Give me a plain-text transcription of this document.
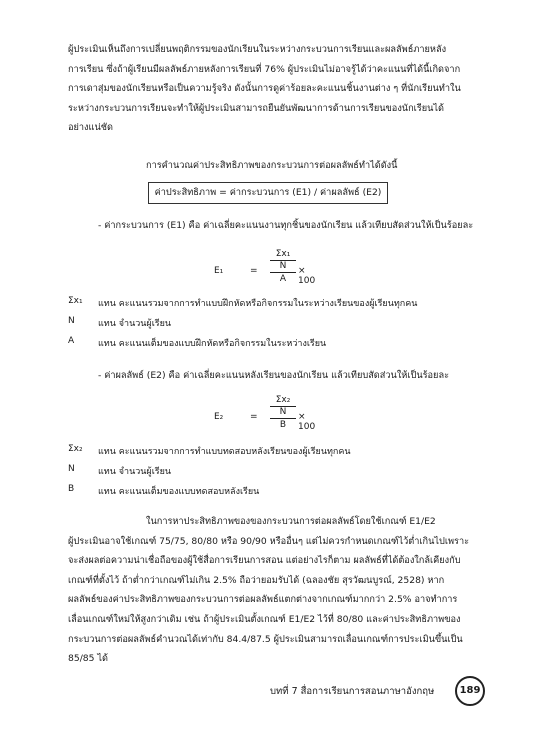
ผู้ประเมินเห็นถึงการเปลี่ยนพฤติกรรมของนักเรียนในระหว่างกระบวนการเรียนและผลลัพธ์ภายหลัง
การเรียน ซึ่งถ้าผู้เรียนมีผลลัพธ์ภายหลังการเรียนที่ 76% ผู้ประเมินไม่อาจรู้ได้ว่าคะแนนที่ได้นี้เกิดจาก
การเดาสุ่มของนักเรียนหรือเป็นความรู้จริง ดังนั้นการดูค่าร้อยละคะแนนชิ้นงานต่าง ๆ ที่นักเรียนทำใน
ระหว่างกระบวนการเรียนจะทำให้ผู้ประเมินสามารถยืนยันพัฒนาการด้านการเรียนของนักเรียนได้
อย่างแน่ชัด
การคำนวณค่าประสิทธิภาพของกระบวนการต่อผลลัพธ์ทำได้ดังนี้
ค่าประสิทธิภาพ = ค่ากระบวนการ (E1) / ค่าผลลัพธ์ (E2)
- ค่ากระบวนการ (E1) คือ ค่าเฉลี่ยคะแนนงานทุกชิ้นของนักเรียน แล้วเทียบสัดส่วนให้เป็นร้อยละ
E₁	=
Σx₁
N
A
× 100
Σx₁	แทน คะแนนรวมจากการทำแบบฝึกหัดหรือกิจกรรมในระหว่างเรียนของผู้เรียนทุกคน
N	แทน จำนวนผู้เรียน
A	แทน คะแนนเต็มของแบบฝึกหัดหรือกิจกรรมในระหว่างเรียน
- ค่าผลลัพธ์ (E2) คือ ค่าเฉลี่ยคะแนนหลังเรียนของนักเรียน แล้วเทียบสัดส่วนให้เป็นร้อยละ
E₂	=
Σx₂
N
B
× 100
Σx₂	แทน คะแนนรวมจากการทำแบบทดสอบหลังเรียนของผู้เรียนทุกคน
N	แทน จำนวนผู้เรียน
B	แทน คะแนนเต็มของแบบทดสอบหลังเรียน
ในการหาประสิทธิภาพของของกระบวนการต่อผลลัพธ์โดยใช้เกณฑ์ E1/E2
ผู้ประเมินอาจใช้เกณฑ์ 75/75, 80/80 หรือ 90/90 หรืออื่นๆ แต่ไม่ควรกำหนดเกณฑ์ไว้ต่ำเกินไปเพราะ
จะส่งผลต่อความน่าเชื่อถือของผู้ใช้สื่อการเรียนการสอน แต่อย่างไรก็ตาม ผลลัพธ์ที่ได้ต้องใกล้เคียงกับ
เกณฑ์ที่ตั้งไว้ ถ้าต่ำกว่าเกณฑ์ไม่เกิน 2.5% ถือว่ายอมรับได้ (ฉลองชัย สุรวัฒนบูรณ์, 2528) หาก
ผลลัพธ์ของค่าประสิทธิภาพของกระบวนการต่อผลลัพธ์แตกต่างจากเกณฑ์มากกว่า 2.5% อาจทำการ
เลื่อนเกณฑ์ใหม่ให้สูงกว่าเดิม เช่น ถ้าผู้ประเมินตั้งเกณฑ์ E1/E2 ไว้ที่ 80/80 และค่าประสิทธิภาพของ
กระบวนการต่อผลลัพธ์คำนวณได้เท่ากับ 84.4/87.5 ผู้ประเมินสามารถเลื่อนเกณฑ์การประเมินขึ้นเป็น
85/85 ได้
บทที่ 7 สื่อการเรียนการสอนภาษาอังกฤษ	189
